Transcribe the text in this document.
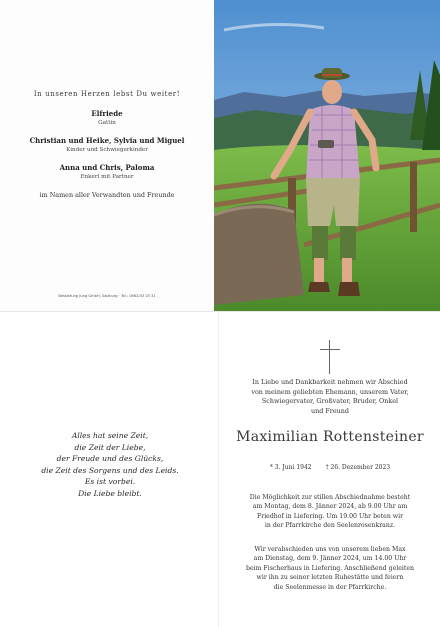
In unseren Herzen lebst Du weiter!
Elfriede
Gattin
Christian und Heike, Sylvia und Miguel
Kinder und Schwiegerkinder
Anna und Chris, Paloma
Enkerl mit Partner
im Namen aller Verwandten und Freunde
Bestattung Jung GmbH, Salzburg · Tel.: 0662/43 25 31
Alles hat seine Zeit,
die Zeit der Liebe,
der Freude und des Glücks,
die Zeit des Sorgens und des Leids.
Es ist vorbei.
Die Liebe bleibt.
In Liebe und Dankbarkeit nehmen wir Abschied
von meinem geliebten Ehemann, unserem Vater,
Schwiegervater, Großvater, Bruder, Onkel
und Freund
Maximilian Rottensteiner
* 3. Juni 1942 † 26. Dezember 2023
Die Möglichkeit zur stillen Abschiednahme besteht
am Montag, dem 8. Jänner 2024, ab 9.00 Uhr am
Friedhof in Liefering. Um 19.00 Uhr beten wir
in der Pfarrkirche den Seelenrosenkranz.
Wir verabschieden uns von unserem lieben Max
am Dienstag, dem 9. Jänner 2024, um 14.00 Uhr
beim Fischerhaus in Liefering. Anschließend geleiten
wir ihn zu seiner letzten Ruhestätte und feiern
die Seelenmesse in der Pfarrkirche.
